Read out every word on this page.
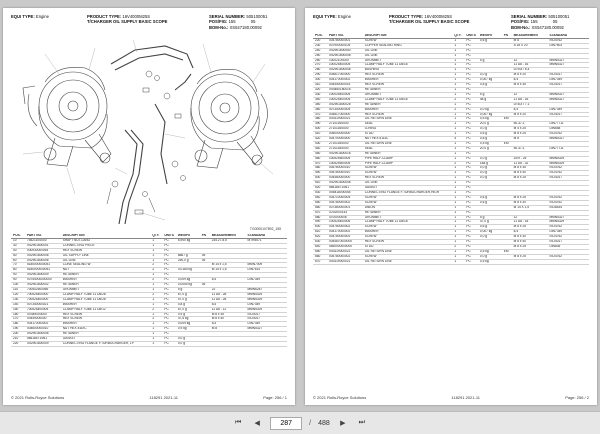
EQUI TYPE: Engine	PRODUCT TYPE: 16V4000M25S	SERIAL NUMBER: 505100051
T/CHARGER OIL SUPPLY BASIC SCOPE	POS/FIG: 155	05
BOM-No.: XS547180.00092
TG0000107892_155
POS.	PART NO.	DESCRIPTION	QTY.	UNITS	WEIGHT	FN	MEASUREMENT	STANDARD
10	7552110S000	SHAFT NUT-LANG	1	PC	6,900 kg		234.27.8.5	MTR5571
30	X52901800001	CONNECTING PIECE	1	PC				
40	000930000054	HEX SCREW	1	PC				
50	X52901800006	OIL SUPPLY LINE	1	PC	6867 g	05		
60	X52901800006	OIL LINE	1	PC	250,0 g	05		
70	5180000000051	CONE SEALING W	2	PC			M 14 x 1,5	MMN7009
80	5180000000051	NUT	2	PC	0,0180 kg		M 14 x 1,5	DIN7614
90	X52901800009	RETAINER	1	PC				
90	00754000000000	WASHER	2	PC	0,009 kg		8,4	DIN7349
100	X52901800002	RETAINER	1	PC	0,0050 kg	05		
110	700502500066	GROMMET	1	PC	5 g		22	MMN6287
120	700525400000	CLAMP HALF TUBE 11 D8/28	2	PC	67,0 g		11 D8 - 28	MMN5329
130	700525400000	CLAMP HALF TUBE 11 D8/28	1	PC	57,0 g		11 D8 - 28	MMN5329
140	007340000021	WASHER	1	PC	0,8 g		8,4	DIN7349
150	700525400005	CLAMP HALF TUBE 11 D8/12	2	PC	67,0 g		11 D8 - 12	MMN5329
160	X0449000000	HEX SCREW	1	PC	0,9 g		M 8 x 35	ISO4017
170	00449000000	HEX SCREW	2	PC	47,6 kg		M 8 x 40	ISO4017
180	004170000002	WASHER	1	PC	0,009 kg		8,4	DIN7349
190	004600000010	NUT HEX 8 AXC	1	PC	0,9 kg		M 8	MMN5327
200	X52901800006	RETAINER	1	PC				
210	585185714N1	GASKET	1	PC	0,0 g			
220	X52901800009	CONNECTING FLANGE F.TURBOCHARGER, LP	1	PC	0,0 g			
© 2021 Rolls-Royce Solutions	118291 2021-11	Page: 256 / 1
EQUI TYPE: Engine	PRODUCT TYPE: 16V4000M25S	SERIAL NUMBER: 505100051
T/CHARGER OIL SUPPLY BASIC SCOPE	POS/FIG: 155	05
BOM-No.: XS547180.00092
POS.	PART NO.	DESCRIPTION	QTY.	UNITS	WEIGHT	FN	MEASUREMENT	STANDARD
220	004780000001	SCREW	1	PC	0,6 g		M 8	ISO4762
230	007900000105	COPPER SEALING RING	1	PC			A 18 X 20	DIN7603
240	X52901800050	OIL LINE	1	PC				
250	X52901800008	OIL LINE	1	PC				
260	1000210S000	GROMMET	1	PC	5 g		12	MMN5327
270	100025400005	CLAMP HALF TUBE 11 D8/16	1	PC			11 D8 - 16	MMN5327
280	X52901800008	BUSHING	1	PC			D=9,8 / 6,4	
290	004817000000	HEX SCREW	1	PC	0,0 g		M 8 x 20	ISO4017
300	004170000002	WASHER	1	PC	0,007 kg		8,4	DIN7349
310	004440000015	HEX SCREW	1	PC	0,8 g		M 8 x 35	ISO4017
320	X54460180016	RETAINER	1	PC				
330	100025400005	GROMMET	1	PC	5 g		12	MMN5327
340	100025400005	CLAMP HALF TUBE 11 D8/16	2	PC	48 g		11 D8 - 16	MMN5327
350	X52901800026	RETAINER	1	PC			D=8,4 / 7,1	
360	007340000005	WASHER	2	PC	0,0 kg		8,4	DIN7349
370	004817000000	HEX SCREW	1	PC	0,007 kg		M 8 x 20	ISO4017
380	X54119000021	OIL RETURN LINE	1	PC	0,5 kg	EM		
390	2710116S000	SEAL	1	PC	20,0 g		50-37-1	DIN77711
400	2710116S000	O-RING	1	PC	0,0 g		M 4 x 25	DIN658
410	005000000000	STUD	1	PC	0,6 g		M 8 x 25	ISO4762
420	004700000000	NUT HEX 8 A3C	4	PC	0,8 g		M 8	MMN5327
430	2710116S000	OIL RETURN LINE	1	PC	0,5 kg	EM		
440	2710116S000	SEAL	1	PC	20,0 g		50-37-1	DIN77711
450	X52901800018	RETAINER	1	PC				
460	100525500005	PIPE HALF-CLAMP	1	PC	0,0 g		10/9 - 25	MMN5329
470	100525500005	PIPE HALF-CLAMP	2	PC	188 g		11 D8 - 32	MMN5329
480	005780000010	SCREW	1	PC	0,0 g		M 8 x 35	ISO4762
490	005780000010	SCREW	1	PC	0,0 g		M 8 x 40	ISO4762
500	004480000000	HEX SCREW	1	PC	0,0 g		M 8 x 25	ISO4017
510	X52901800008	OIL LINE	1	PC				
520	585185714N1	GASKET	1	PC				
530	X56418000054	CONNECTING FLANGE F.TURBOCHARGER,HIGH	1	PC				
540	004710000004	SCREW	1	PC	0,6 g		M 8 x 25	ISO4762
550	004780000002	SCREW	1	PC	0,6 g		M 8 x 30	ISO4762
560	007360000001	UNION	1	PC			M 14 X 1,5	ISO8434
570	X202000143	RETAINER	1	PC				
580	4700000006	GROMMET	1	PC	5 g		12	MMN5327
590	100525400006	CLAMP HALF TUBE 11 D8/18	1	PC	47,0 g		11 D8 - 18	MMN5329
600	004780000002	SCREW	1	PC	0,6 g		M 8 x 25	ISO4762
610	004170000002	WASHER	1	PC	0,007 kg		8,4	DIN7349
620	004780000002	SCREW	1	PC	0,0 g		M 8 x 30	ISO4762
630	0044870000000	HEX SCREW	1	PC			M 8 x 40	ISO4017
640	4460000000000	STUD	2	PC			M 8 x 25	DIN835
650	X54119000021	OIL RETURN LINE	1	PC	0,5 kg	EM		
660	004780000002	SCREW	1	PC	0,0 g		M 8 x 25	ISO4762
670	X54119000021	OIL RETURN LINE	1	PC	0,5 kg			
© 2021 Rolls-Royce Solutions	118291 2021-11	Page: 256 / 2
⏮	◀
287	/ 488	▶	⏭
